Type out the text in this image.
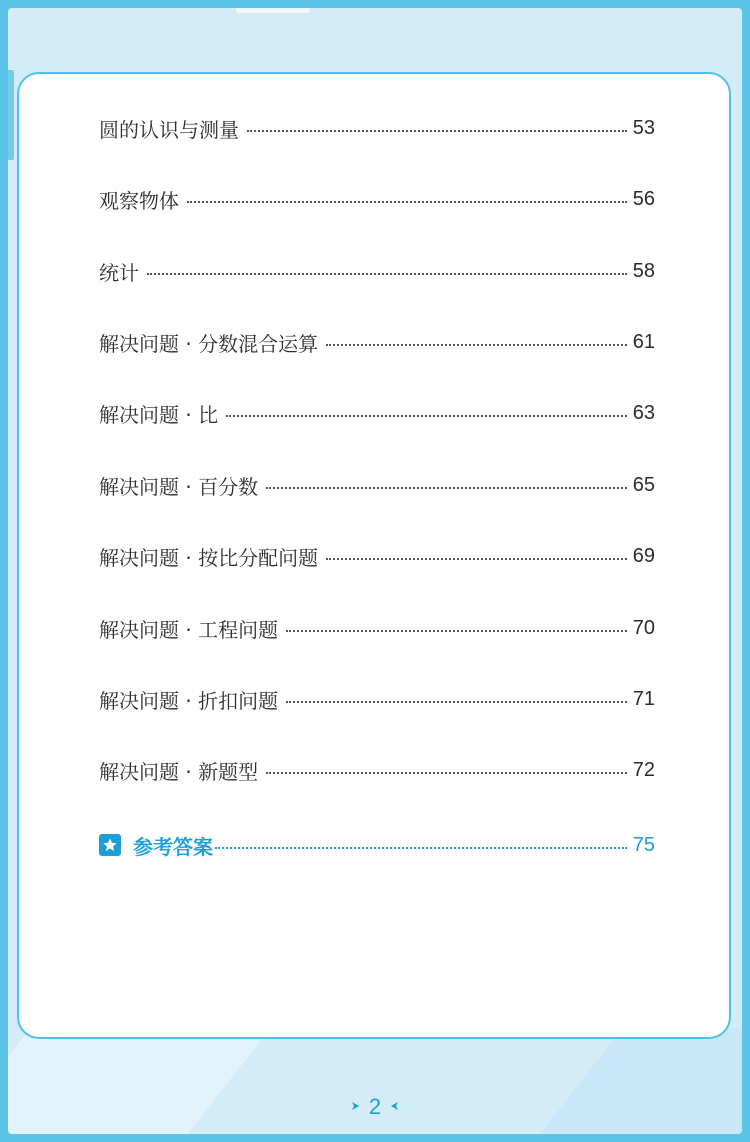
圆的认识与测量	53
观察物体	56
统计	58
解决问题 · 分数混合运算	61
解决问题 · 比	63
解决问题 · 百分数	65
解决问题 · 按比分配问题	69
解决问题 · 工程问题	70
解决问题 · 折扣问题	71
解决问题 · 新题型	72
参考答案	75
2
